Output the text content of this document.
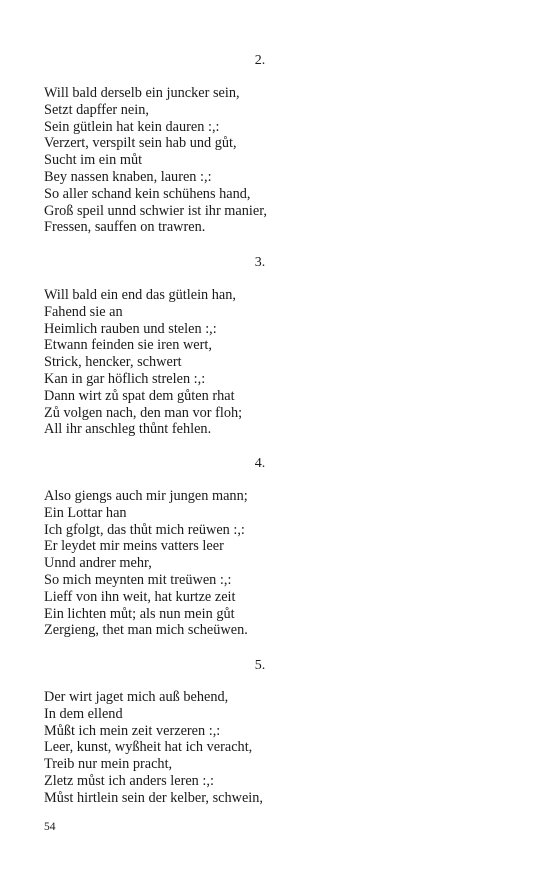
2.
Will bald derselb ein juncker sein,
Setzt dapffer nein,
Sein gütlein hat kein dauren :,:
Verzert, verspilt sein hab und gůt,
Sucht im ein můt
Bey nassen knaben, lauren :,:
So aller schand kein schühens hand,
Groß speil unnd schwier ist ihr manier,
Fressen, sauffen on trawren.
3.
Will bald ein end das gütlein han,
Fahend sie an
Heimlich rauben und stelen :,:
Etwann feinden sie iren wert,
Strick, hencker, schwert
Kan in gar höflich strelen :,:
Dann wirt zů spat dem gůten rhat
Zů volgen nach, den man vor floh;
All ihr anschleg thůnt fehlen.
4.
Also giengs auch mir jungen mann;
Ein Lottar han
Ich gfolgt, das thůt mich reüwen :,:
Er leydet mir meins vatters leer
Unnd andrer mehr,
So mich meynten mit treüwen :,:
Lieff von ihn weit, hat kurtze zeit
Ein lichten můt; als nun mein gůt
Zergieng, thet man mich scheüwen.
5.
Der wirt jaget mich auß behend,
In dem ellend
Můßt ich mein zeit verzeren :,:
Leer, kunst, wyßheit hat ich veracht,
Treib nur mein pracht,
Zletz můst ich anders leren :,:
Můst hirtlein sein der kelber, schwein,
54
